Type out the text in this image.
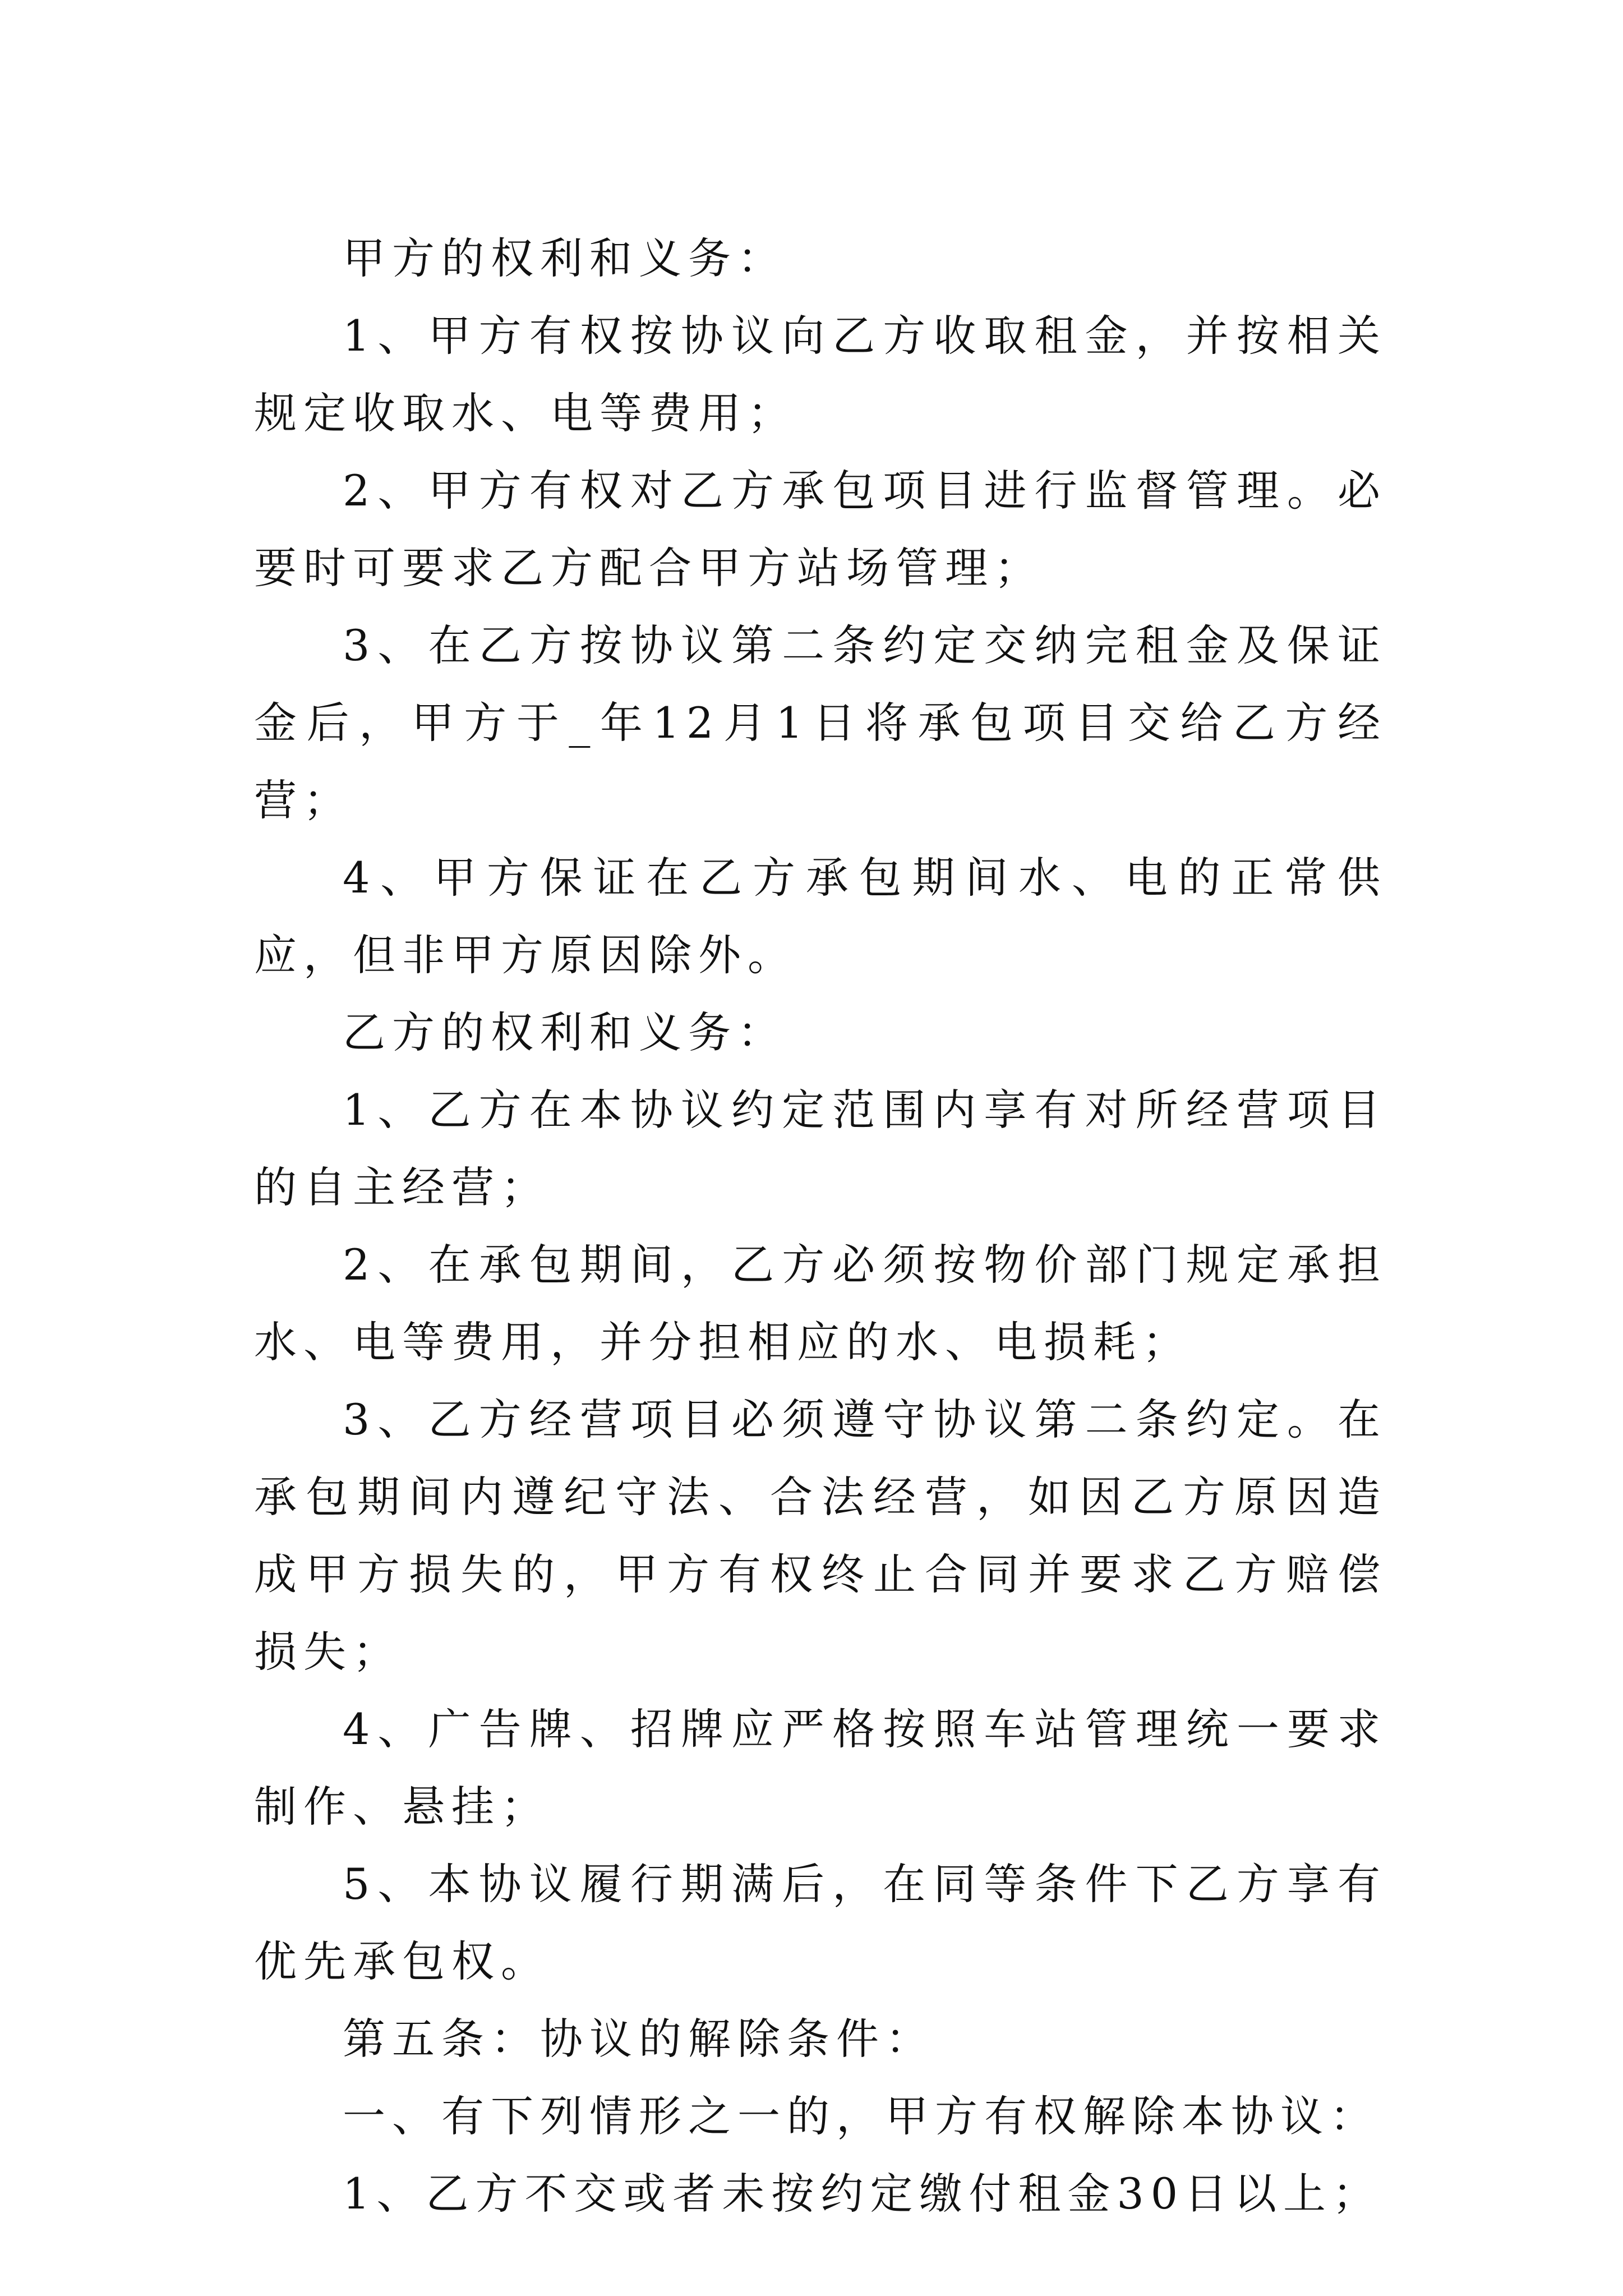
甲方的权利和义务：

1、甲方有权按协议向乙方收取租金，并按相关规定收取水、电等费用；

2、甲方有权对乙方承包项目进行监督管理。必要时可要求乙方配合甲方站场管理；

3、在乙方按协议第二条约定交纳完租金及保证金后，甲方于_年12月1日将承包项目交给乙方经营；

4、甲方保证在乙方承包期间水、电的正常供应，但非甲方原因除外。

乙方的权利和义务：

1、乙方在本协议约定范围内享有对所经营项目的自主经营；

2、在承包期间，乙方必须按物价部门规定承担水、电等费用，并分担相应的水、电损耗；

3、乙方经营项目必须遵守协议第二条约定。在承包期间内遵纪守法、合法经营，如因乙方原因造成甲方损失的，甲方有权终止合同并要求乙方赔偿损失；

4、广告牌、招牌应严格按照车站管理统一要求制作、悬挂；

5、本协议履行期满后，在同等条件下乙方享有优先承包权。

第五条：协议的解除条件：

一、有下列情形之一的，甲方有权解除本协议：

1、乙方不交或者未按约定缴付租金30日以上；
